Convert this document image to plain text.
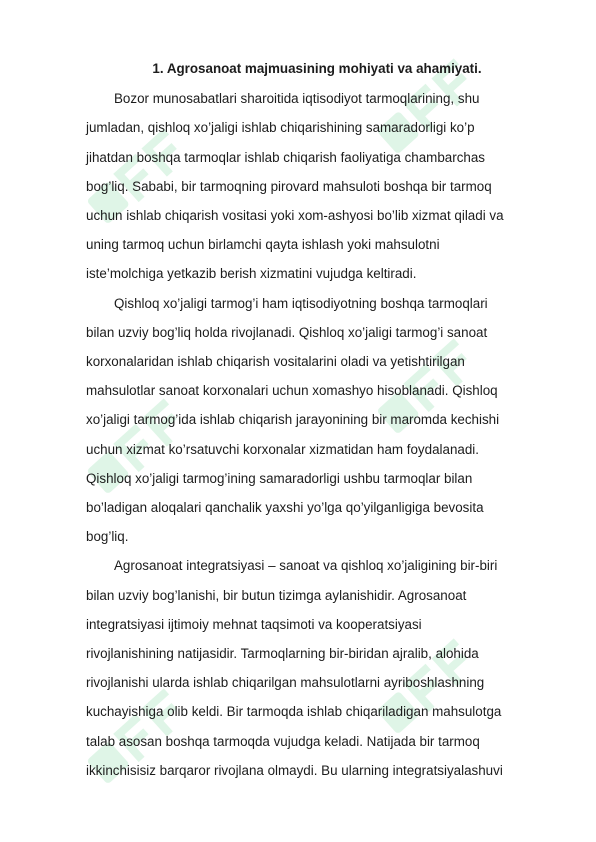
1. Agrosanoat majmuasining mohiyati va ahamiyati.

Bozor munosabatlari sharoitida iqtisodiyot tarmoqlarining, shu
jumladan, qishloq xo’jaligi ishlab chiqarishining samaradorligi ko’p
jihatdan boshqa tarmoqlar ishlab chiqarish faoliyatiga chambarchas
bog’liq. Sababi, bir tarmoqning pirovard mahsuloti boshqa bir tarmoq
uchun ishlab chiqarish vositasi yoki xom-ashyosi bo’lib xizmat qiladi va
uning tarmoq uchun birlamchi qayta ishlash yoki mahsulotni
iste’molchiga yetkazib berish xizmatini vujudga keltiradi.

Qishloq xo’jaligi tarmog’i ham iqtisodiyotning boshqa tarmoqlari
bilan uzviy bog’liq holda rivojlanadi. Qishloq xo’jaligi tarmog’i sanoat
korxonalaridan ishlab chiqarish vositalarini oladi va yetishtirilgan
mahsulotlar sanoat korxonalari uchun xomashyo hisoblanadi. Qishloq
xo’jaligi tarmog’ida ishlab chiqarish jarayonining bir maromda kechishi
uchun xizmat ko’rsatuvchi korxonalar xizmatidan ham foydalanadi.
Qishloq xo’jaligi tarmog’ining samaradorligi ushbu tarmoqlar bilan
bo’ladigan aloqalari qanchalik yaxshi yo’lga qo’yilganligiga bevosita
bog’liq.

Agrosanoat integratsiyasi – sanoat va qishloq xo’jaligining bir-biri
bilan uzviy bog’lanishi, bir butun tizimga aylanishidir. Agrosanoat
integratsiyasi ijtimoiy mehnat taqsimoti va kooperatsiyasi
rivojlanishining natijasidir. Tarmoqlarning bir-biridan ajralib, alohida
rivojlanishi ularda ishlab chiqarilgan mahsulotlarni ayriboshlashning
kuchayishiga olib keldi. Bir tarmoqda ishlab chiqariladigan mahsulotga
talab asosan boshqa tarmoqda vujudga keladi. Natijada bir tarmoq
ikkinchisisiz barqaror rivojlana olmaydi. Bu ularning integratsiyalashuvi
